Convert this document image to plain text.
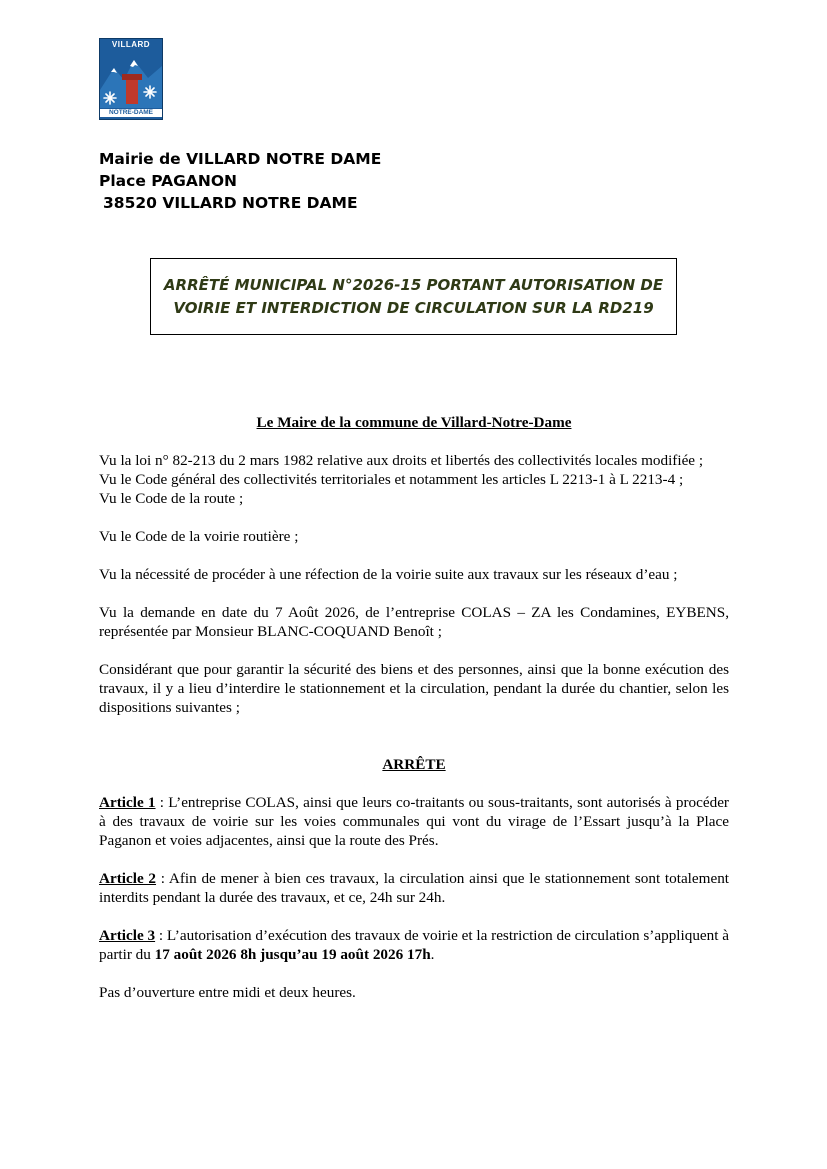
VILLARD
NOTRE-DAME
Mairie de VILLARD NOTRE DAME
Place PAGANON
38520 VILLARD NOTRE DAME
ARRÊTÉ MUNICIPAL N°2026-15 PORTANT AUTORISATION DE
VOIRIE ET INTERDICTION DE CIRCULATION SUR LA RD219

Le Maire de la commune de Villard-Notre-Dame

Vu la loi n° 82-213 du 2 mars 1982 relative aux droits et libertés des collectivités locales modifiée ;

Vu le Code général des collectivités territoriales et notamment les articles L 2213-1 à L 2213-4 ;

Vu le Code de la route ;

Vu le Code de la voirie routière ;

Vu la nécessité de procéder à une réfection de la voirie suite aux travaux sur les réseaux d’eau ;

Vu la demande en date du 7 Août 2026, de l’entreprise COLAS – ZA les Condamines, EYBENS, représentée par Monsieur BLANC-COQUAND Benoît ;

Considérant que pour garantir la sécurité des biens et des personnes, ainsi que la bonne exécution des travaux, il y a lieu d’interdire le stationnement et la circulation, pendant la durée du chantier, selon les dispositions suivantes ;

ARRÊTE

Article 1 : L’entreprise COLAS, ainsi que leurs co-traitants ou sous-traitants, sont autorisés à procéder à des travaux de voirie sur les voies communales qui vont du virage de l’Essart jusqu’à la Place Paganon et voies adjacentes, ainsi que la route des Prés.

Article 2 : Afin de mener à bien ces travaux, la circulation ainsi que le stationnement sont totalement interdits pendant la durée des travaux, et ce, 24h sur 24h.

Article 3 : L’autorisation d’exécution des travaux de voirie et la restriction de circulation s’appliquent à partir du 17 août 2026 8h jusqu’au 19 août 2026 17h.

Pas d’ouverture entre midi et deux heures.
